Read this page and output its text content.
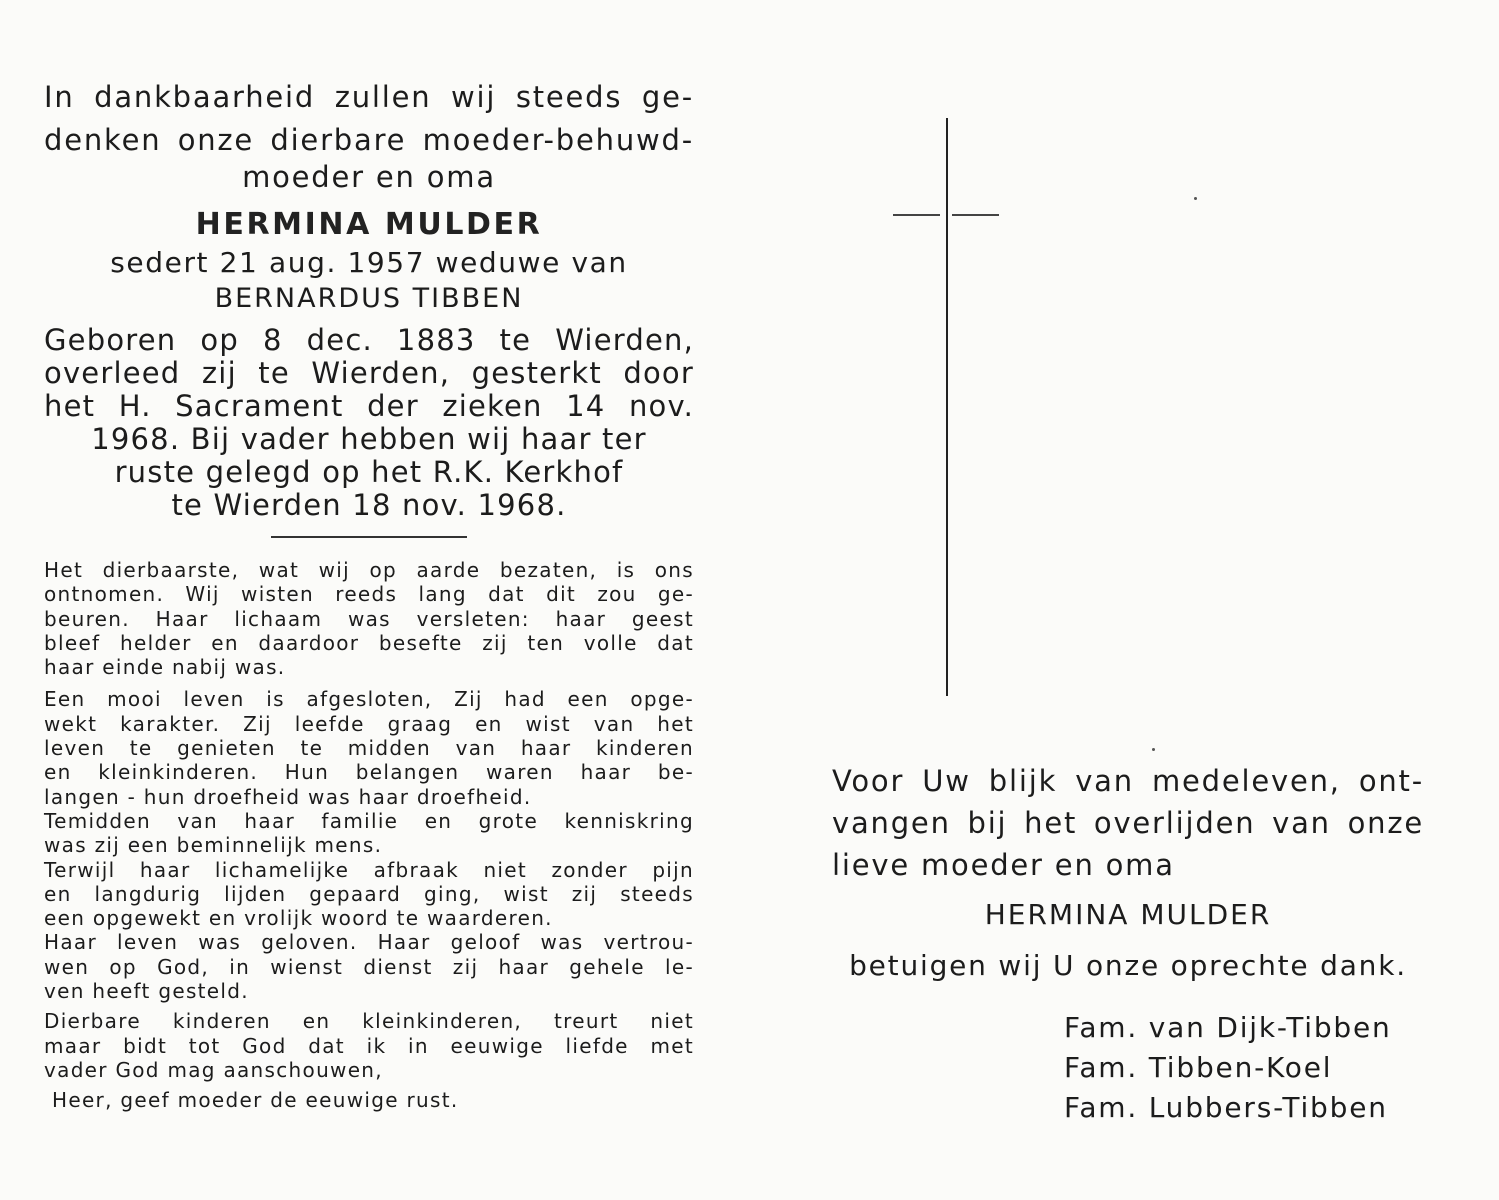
In dankbaarheid zullen wij steeds ge-
denken onze dierbare moeder-behuwd-
moeder en oma
HERMINA MULDER
sedert 21 aug. 1957 weduwe van
BERNARDUS TIBBEN
Geboren op 8 dec. 1883 te Wierden,
overleed zij te Wierden, gesterkt door
het H. Sacrament der zieken 14 nov.
1968. Bij vader hebben wij haar ter
ruste gelegd op het R.K. Kerkhof
te Wierden 18 nov. 1968.
Het dierbaarste, wat wij op aarde bezaten, is ons
ontnomen. Wij wisten reeds lang dat dit zou ge-
beuren. Haar lichaam was versleten: haar geest
bleef helder en daardoor besefte zij ten volle dat
haar einde nabij was.
Een mooi leven is afgesloten, Zij had een opge-
wekt karakter. Zij leefde graag en wist van het
leven te genieten te midden van haar kinderen
en kleinkinderen. Hun belangen waren haar be-
langen - hun droefheid was haar droefheid.
Temidden van haar familie en grote kenniskring
was zij een beminnelijk mens.
Terwijl haar lichamelijke afbraak niet zonder pijn
en langdurig lijden gepaard ging, wist zij steeds
een opgewekt en vrolijk woord te waarderen.
Haar leven was geloven. Haar geloof was vertrou-
wen op God, in wienst dienst zij haar gehele le-
ven heeft gesteld.
Dierbare kinderen en kleinkinderen, treurt niet
maar bidt tot God dat ik in eeuwige liefde met
vader God mag aanschouwen,
Heer, geef moeder de eeuwige rust.
Voor Uw blijk van medeleven, ont-
vangen bij het overlijden van onze
lieve moeder en oma
HERMINA MULDER
betuigen wij U onze oprechte dank.
Fam. van Dijk-Tibben
Fam. Tibben-Koel
Fam. Lubbers-Tibben
